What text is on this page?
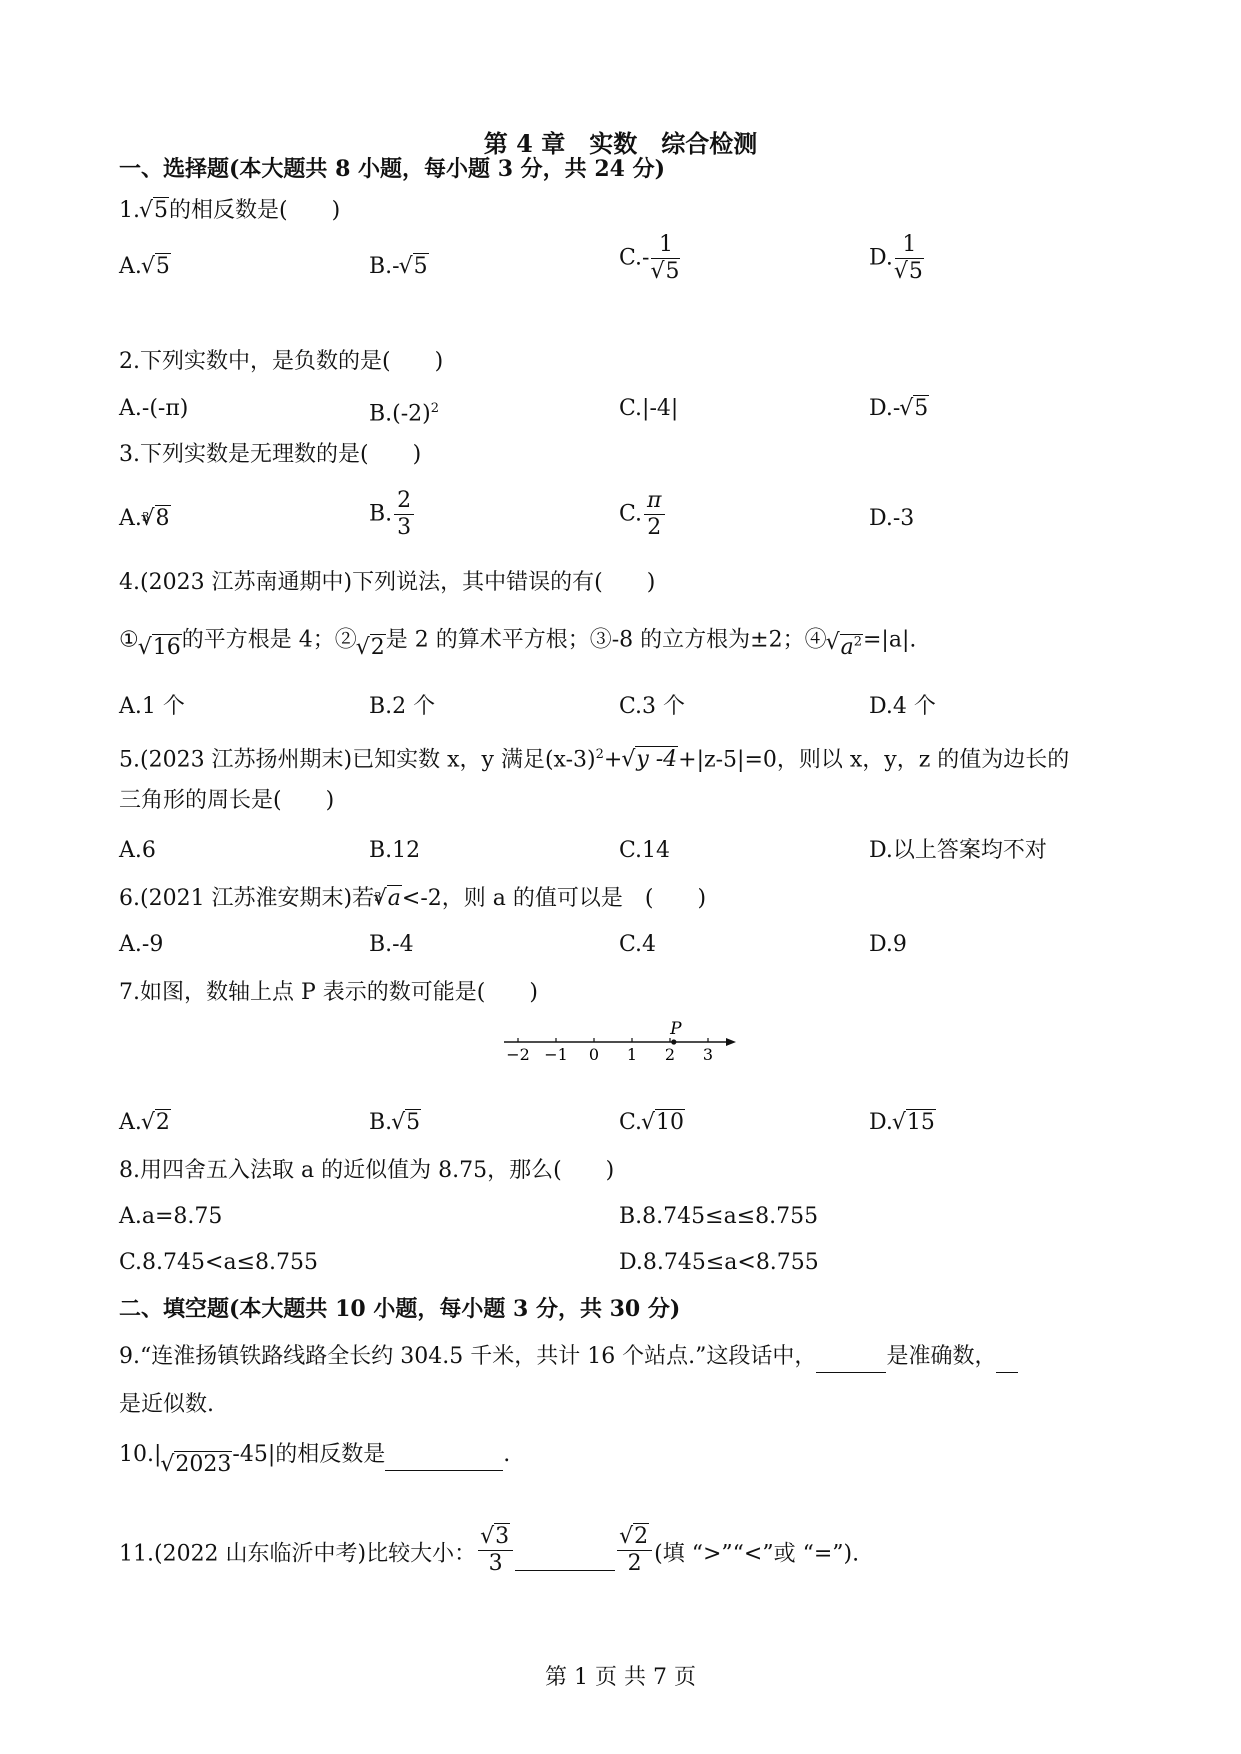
第 4 章　实数　综合检测
一、选择题(本大题共 8 小题，每小题 3 分，共 24 分)
1.√ 5的相反数是(　　)
A.√ 5	B.-√ 5	C.- 1
√ 5	D. 1
√ 5
2.下列实数中，是负数的是(　　)
A.-(-π)	$B.(-2)^2$	C.|-4|	D.-√ 5
3.下列实数是无理数的是(　　)
A.$^3$√ 8	B. $\frac{2}{3}$	C. $\frac{\pi}{2}$	D.-3
4.(2023 江苏南通期中)下列说法，其中错误的有(　　)
①√ 16的平方根是 4；②√ 2是 2 的算术平方根；③-8 的立方根为±2；④√ $a^2=|a|$.
A.1 个	B.2 个	C.3 个	D.4 个
5.(2023 江苏扬州期末)已知实数 x，y 满足$(x-3)^2+√$ y -4+|z-5|=0，则以 x，y，z 的值为边长的
三角形的周长是(　　)
A.6	B.12	C.14	D.以上答案均不对
6.(2021 江苏淮安期末)若$^3$√ a<-2，则 a 的值可以是　(　　)
A.-9	B.-4	C.4	D.9
7.如图，数轴上点 P 表示的数可能是(　　)
−2 −1 0 1 2 3
P
A.√ 2	B.√ 5	C.√ 10	D.√ 15
8.用四舍五入法取 a 的近似值为 8.75，那么(　　)
A.a=8.75	B.8.745≤a≤8.755
C.8.745<a≤8.755	D.8.745≤a<8.755
二、填空题(本大题共 10 小题，每小题 3 分，共 30 分)
9.“连淮扬镇铁路线路全长约 304.5 千米，共计 16 个站点.”这段话中，	是准确数，
是近似数.
10.|√ 2023-45|的相反数是	.
11.(2022 山东临沂中考)比较大小：
√ $\frac{3}{3}$

√	$\frac{2}{2}$ (填 “>”“<”或 “=”).
第 1 页 共 7 页
